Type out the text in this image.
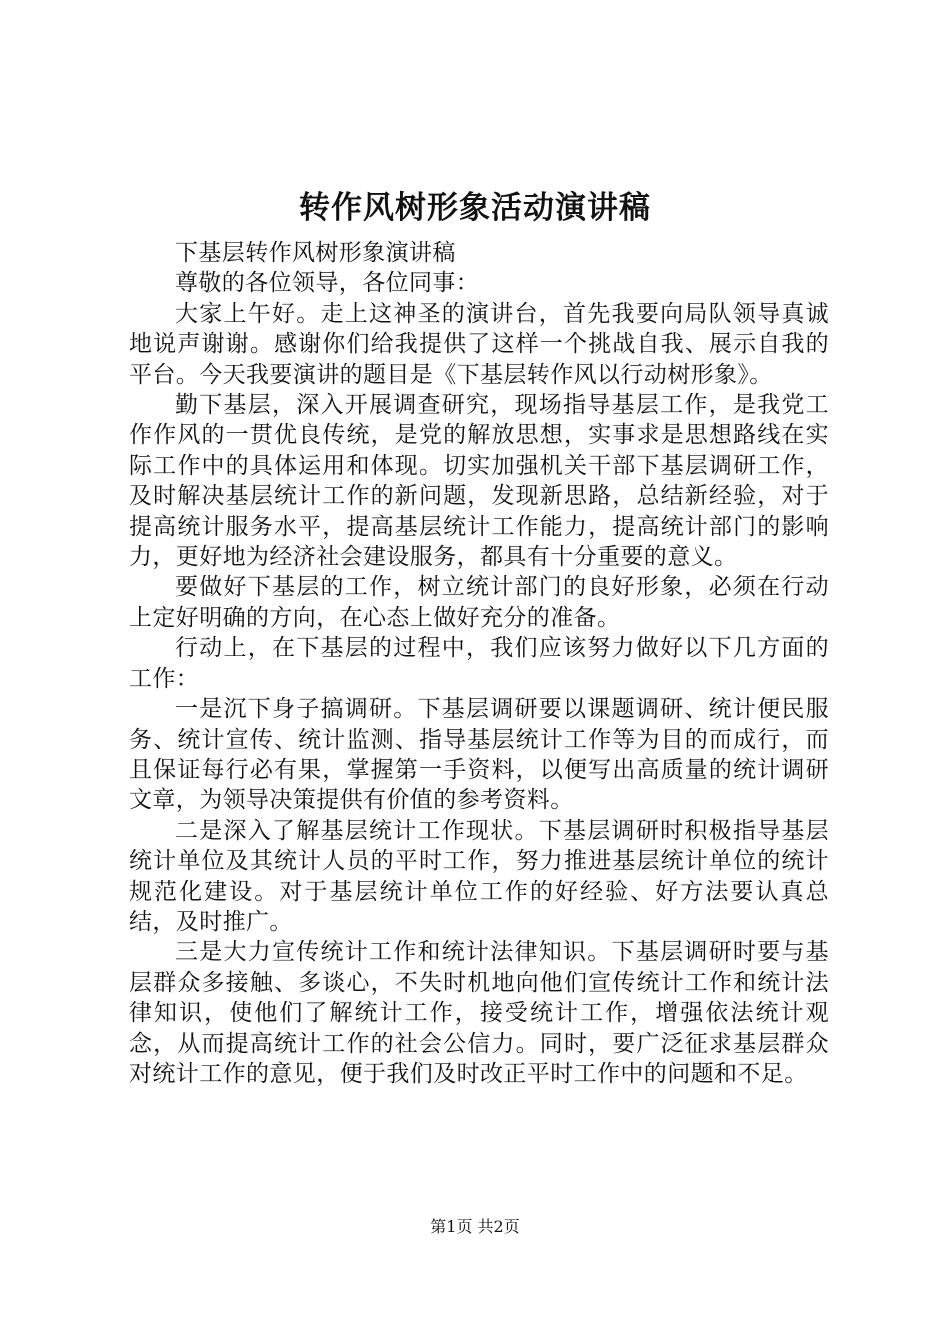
转作风树形象活动演讲稿

下基层转作风树形象演讲稿

尊敬的各位领导，各位同事：

大家上午好。走上这神圣的演讲台，首先我要向局队领导真诚地说声谢谢。感谢你们给我提供了这样一个挑战自我、展示自我的平台。今天我要演讲的题目是《下基层转作风以行动树形象》。

勤下基层，深入开展调查研究，现场指导基层工作，是我党工作作风的一贯优良传统，是党的解放思想，实事求是思想路线在实际工作中的具体运用和体现。切实加强机关干部下基层调研工作，及时解决基层统计工作的新问题，发现新思路，总结新经验，对于提高统计服务水平，提高基层统计工作能力，提高统计部门的影响力，更好地为经济社会建设服务，都具有十分重要的意义。

要做好下基层的工作，树立统计部门的良好形象，必须在行动上定好明确的方向，在心态上做好充分的准备。

行动上，在下基层的过程中，我们应该努力做好以下几方面的工作：

一是沉下身子搞调研。下基层调研要以课题调研、统计便民服务、统计宣传、统计监测、指导基层统计工作等为目的而成行，而且保证每行必有果，掌握第一手资料，以便写出高质量的统计调研文章，为领导决策提供有价值的参考资料。

二是深入了解基层统计工作现状。下基层调研时积极指导基层统计单位及其统计人员的平时工作，努力推进基层统计单位的统计规范化建设。对于基层统计单位工作的好经验、好方法要认真总结，及时推广。

三是大力宣传统计工作和统计法律知识。下基层调研时要与基层群众多接触、多谈心，不失时机地向他们宣传统计工作和统计法律知识，使他们了解统计工作，接受统计工作，增强依法统计观念，从而提高统计工作的社会公信力。同时，要广泛征求基层群众对统计工作的意见，便于我们及时改正平时工作中的问题和不足。

第1页 共2页
